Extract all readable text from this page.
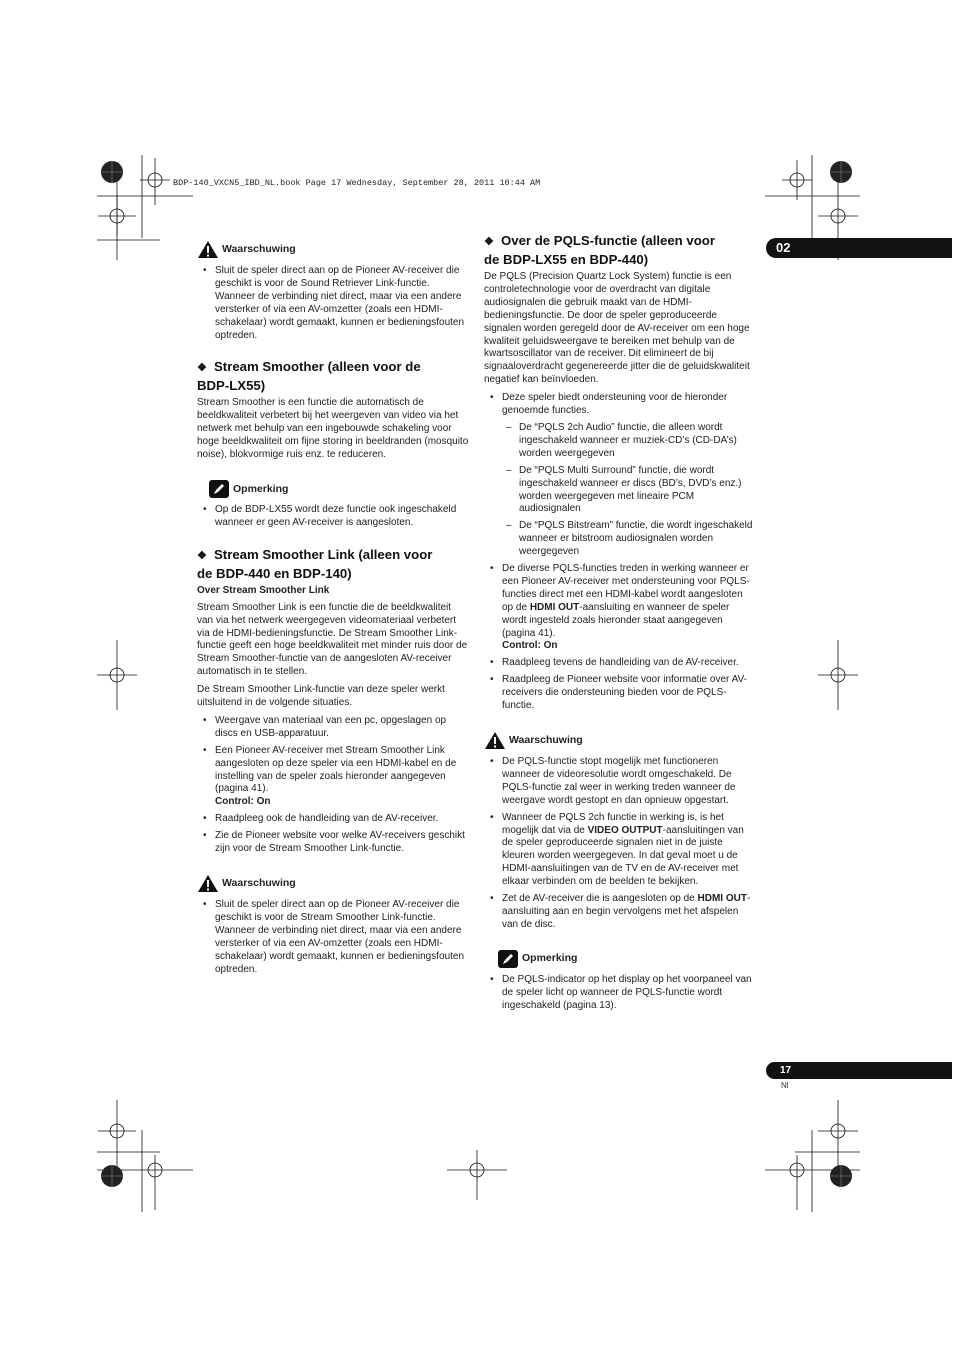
BDP-140_VXCN5_IBD_NL.book Page 17 Wednesday, September 28, 2011 10:44 AM
02
17
Nl
Waarschuwing
• Sluit de speler direct aan op de Pioneer AV-receiver die geschikt is voor de Sound Retriever Link-functie. Wanneer de verbinding niet direct, maar via een andere versterker of via een AV-omzetter (zoals een HDMI-schakelaar) wordt gemaakt, kunnen er bedieningsfouten optreden.
❖ Stream Smoother (alleen voor de
BDP-LX55)

Stream Smoother is een functie die automatisch de beeldkwaliteit verbetert bij het weergeven van video via het netwerk met behulp van een ingebouwde schakeling voor hoge beeldkwaliteit om fijne storing in beeldranden (mosquito noise), blokvormige ruis enz. te reduceren.

Opmerking
• Op de BDP-LX55 wordt deze functie ook ingeschakeld wanneer er geen AV-receiver is aangesloten.
❖ Stream Smoother Link (alleen voor
de BDP-440 en BDP-140)
Over Stream Smoother Link

Stream Smoother Link is een functie die de beeldkwaliteit van via het netwerk weergegeven videomateriaal verbetert via de HDMI-bedieningsfunctie. De Stream Smoother Link-functie geeft een hoge beeldkwaliteit met minder ruis door de Stream Smoother-functie van de aangesloten AV-receiver automatisch in te stellen.

De Stream Smoother Link-functie van deze speler werkt uitsluitend in de volgende situaties.

• Weergave van materiaal van een pc, opgeslagen op discs en USB-apparatuur.
• Een Pioneer AV-receiver met Stream Smoother Link aangesloten op deze speler via een HDMI-kabel en de instelling van de speler zoals hieronder aangegeven (pagina 41).
Control: On
• Raadpleeg ook de handleiding van de AV-receiver.
• Zie de Pioneer website voor welke AV-receivers geschikt zijn voor de Stream Smoother Link-functie.
Waarschuwing
• Sluit de speler direct aan op de Pioneer AV-receiver die geschikt is voor de Stream Smoother Link-functie. Wanneer de verbinding niet direct, maar via een andere versterker of via een AV-omzetter (zoals een HDMI-schakelaar) wordt gemaakt, kunnen er bedieningsfouten optreden.
❖ Over de PQLS-functie (alleen voor
de BDP-LX55 en BDP-440)

De PQLS (Precision Quartz Lock System) functie is een controletechnologie voor de overdracht van digitale audiosignalen die gebruik maakt van de HDMI-bedieningsfunctie. De door de speler geproduceerde signalen worden geregeld door de AV-receiver om een hoge kwaliteit geluidsweergave te bereiken met behulp van de kwartsoscillator van de receiver. Dit elimineert de bij signaaloverdracht gegenereerde jitter die de geluidskwaliteit negatief kan beïnvloeden.

• Deze speler biedt ondersteuning voor de hieronder genoemde functies.
– De “PQLS 2ch Audio” functie, die alleen wordt ingeschakeld wanneer er muziek-CD’s (CD-DA’s) worden weergegeven
– De “PQLS Multi Surround” functie, die wordt ingeschakeld wanneer er discs (BD’s, DVD’s enz.) worden weergegeven met lineaire PCM audiosignalen
– De “PQLS Bitstream” functie, die wordt ingeschakeld wanneer er bitstroom audiosignalen worden weergegeven
• De diverse PQLS-functies treden in werking wanneer er een Pioneer AV-receiver met ondersteuning voor PQLS-functies direct met een HDMI-kabel wordt aangesloten op de HDMI OUT-aansluiting en wanneer de speler wordt ingesteld zoals hieronder staat aangegeven (pagina 41).
Control: On
• Raadpleeg tevens de handleiding van de AV-receiver.
• Raadpleeg de Pioneer website voor informatie over AV-receivers die ondersteuning bieden voor de PQLS-functie.
Waarschuwing
• De PQLS-functie stopt mogelijk met functioneren wanneer de videoresolutie wordt omgeschakeld. De PQLS-functie zal weer in werking treden wanneer de weergave wordt gestopt en dan opnieuw opgestart.
• Wanneer de PQLS 2ch functie in werking is, is het mogelijk dat via de VIDEO OUTPUT-aansluitingen van de speler geproduceerde signalen niet in de juiste kleuren worden weergegeven. In dat geval moet u de HDMI-aansluitingen van de TV en de AV-receiver met elkaar verbinden om de beelden te bekijken.
• Zet de AV-receiver die is aangesloten op de HDMI OUT-aansluiting aan en begin vervolgens met het afspelen van de disc.
Opmerking
• De PQLS-indicator op het display op het voorpaneel van de speler licht op wanneer de PQLS-functie wordt ingeschakeld (pagina 13).
